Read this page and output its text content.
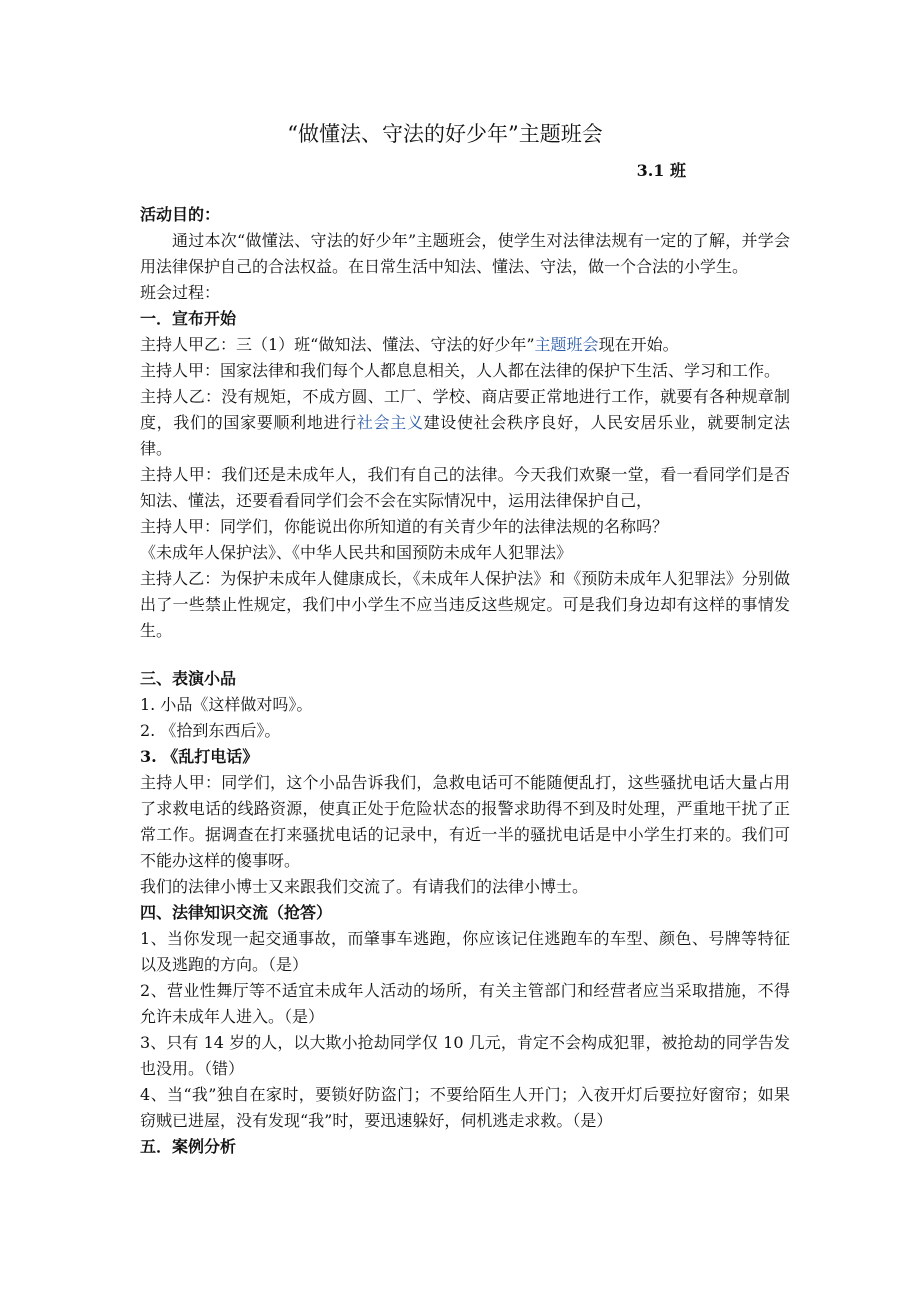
“做懂法、守法的好少年”主题班会
3.1 班

活动目的：

通过本次“做懂法、守法的好少年”主题班会，使学生对法律法规有一定的了解，并学会用法律保护自己的合法权益。在日常生活中知法、懂法、守法，做一个合法的小学生。

班会过程：

一．宣布开始

主持人甲乙：三（1）班“做知法、懂法、守法的好少年”主题班会现在开始。

主持人甲：国家法律和我们每个人都息息相关，人人都在法律的保护下生活、学习和工作。

主持人乙：没有规矩，不成方圆、工厂、学校、商店要正常地进行工作，就要有各种规章制度，我们的国家要顺利地进行社会主义建设使社会秩序良好，人民安居乐业，就要制定法律。

主持人甲：我们还是未成年人，我们有自己的法律。今天我们欢聚一堂，看一看同学们是否知法、懂法，还要看看同学们会不会在实际情况中，运用法律保护自己，

主持人甲：同学们，你能说出你所知道的有关青少年的法律法规的名称吗？

《未成年人保护法》、《中华人民共和国预防未成年人犯罪法》

主持人乙：为保护未成年人健康成长，《未成年人保护法》和《预防未成年人犯罪法》分别做出了一些禁止性规定，我们中小学生不应当违反这些规定。可是我们身边却有这样的事情发生。

三、表演小品

1. 小品《这样做对吗》。

2. 《拾到东西后》。

3. 《乱打电话》

主持人甲：同学们，这个小品告诉我们，急救电话可不能随便乱打，这些骚扰电话大量占用了求救电话的线路资源，使真正处于危险状态的报警求助得不到及时处理，严重地干扰了正常工作。据调查在打来骚扰电话的记录中，有近一半的骚扰电话是中小学生打来的。我们可不能办这样的傻事呀。

我们的法律小博士又来跟我们交流了。有请我们的法律小博士。

四、法律知识交流（抢答）

1、当你发现一起交通事故，而肇事车逃跑，你应该记住逃跑车的车型、颜色、号牌等特征以及逃跑的方向。（是）

2、营业性舞厅等不适宜未成年人活动的场所，有关主管部门和经营者应当采取措施，不得允许未成年人进入。（是）

3、只有 14 岁的人，以大欺小抢劫同学仅 10 几元，肯定不会构成犯罪，被抢劫的同学告发也没用。（错）

4、当“我”独自在家时，要锁好防盗门；不要给陌生人开门；入夜开灯后要拉好窗帘；如果窃贼已进屋，没有发现“我”时，要迅速躲好，伺机逃走求救。（是）

五．案例分析
